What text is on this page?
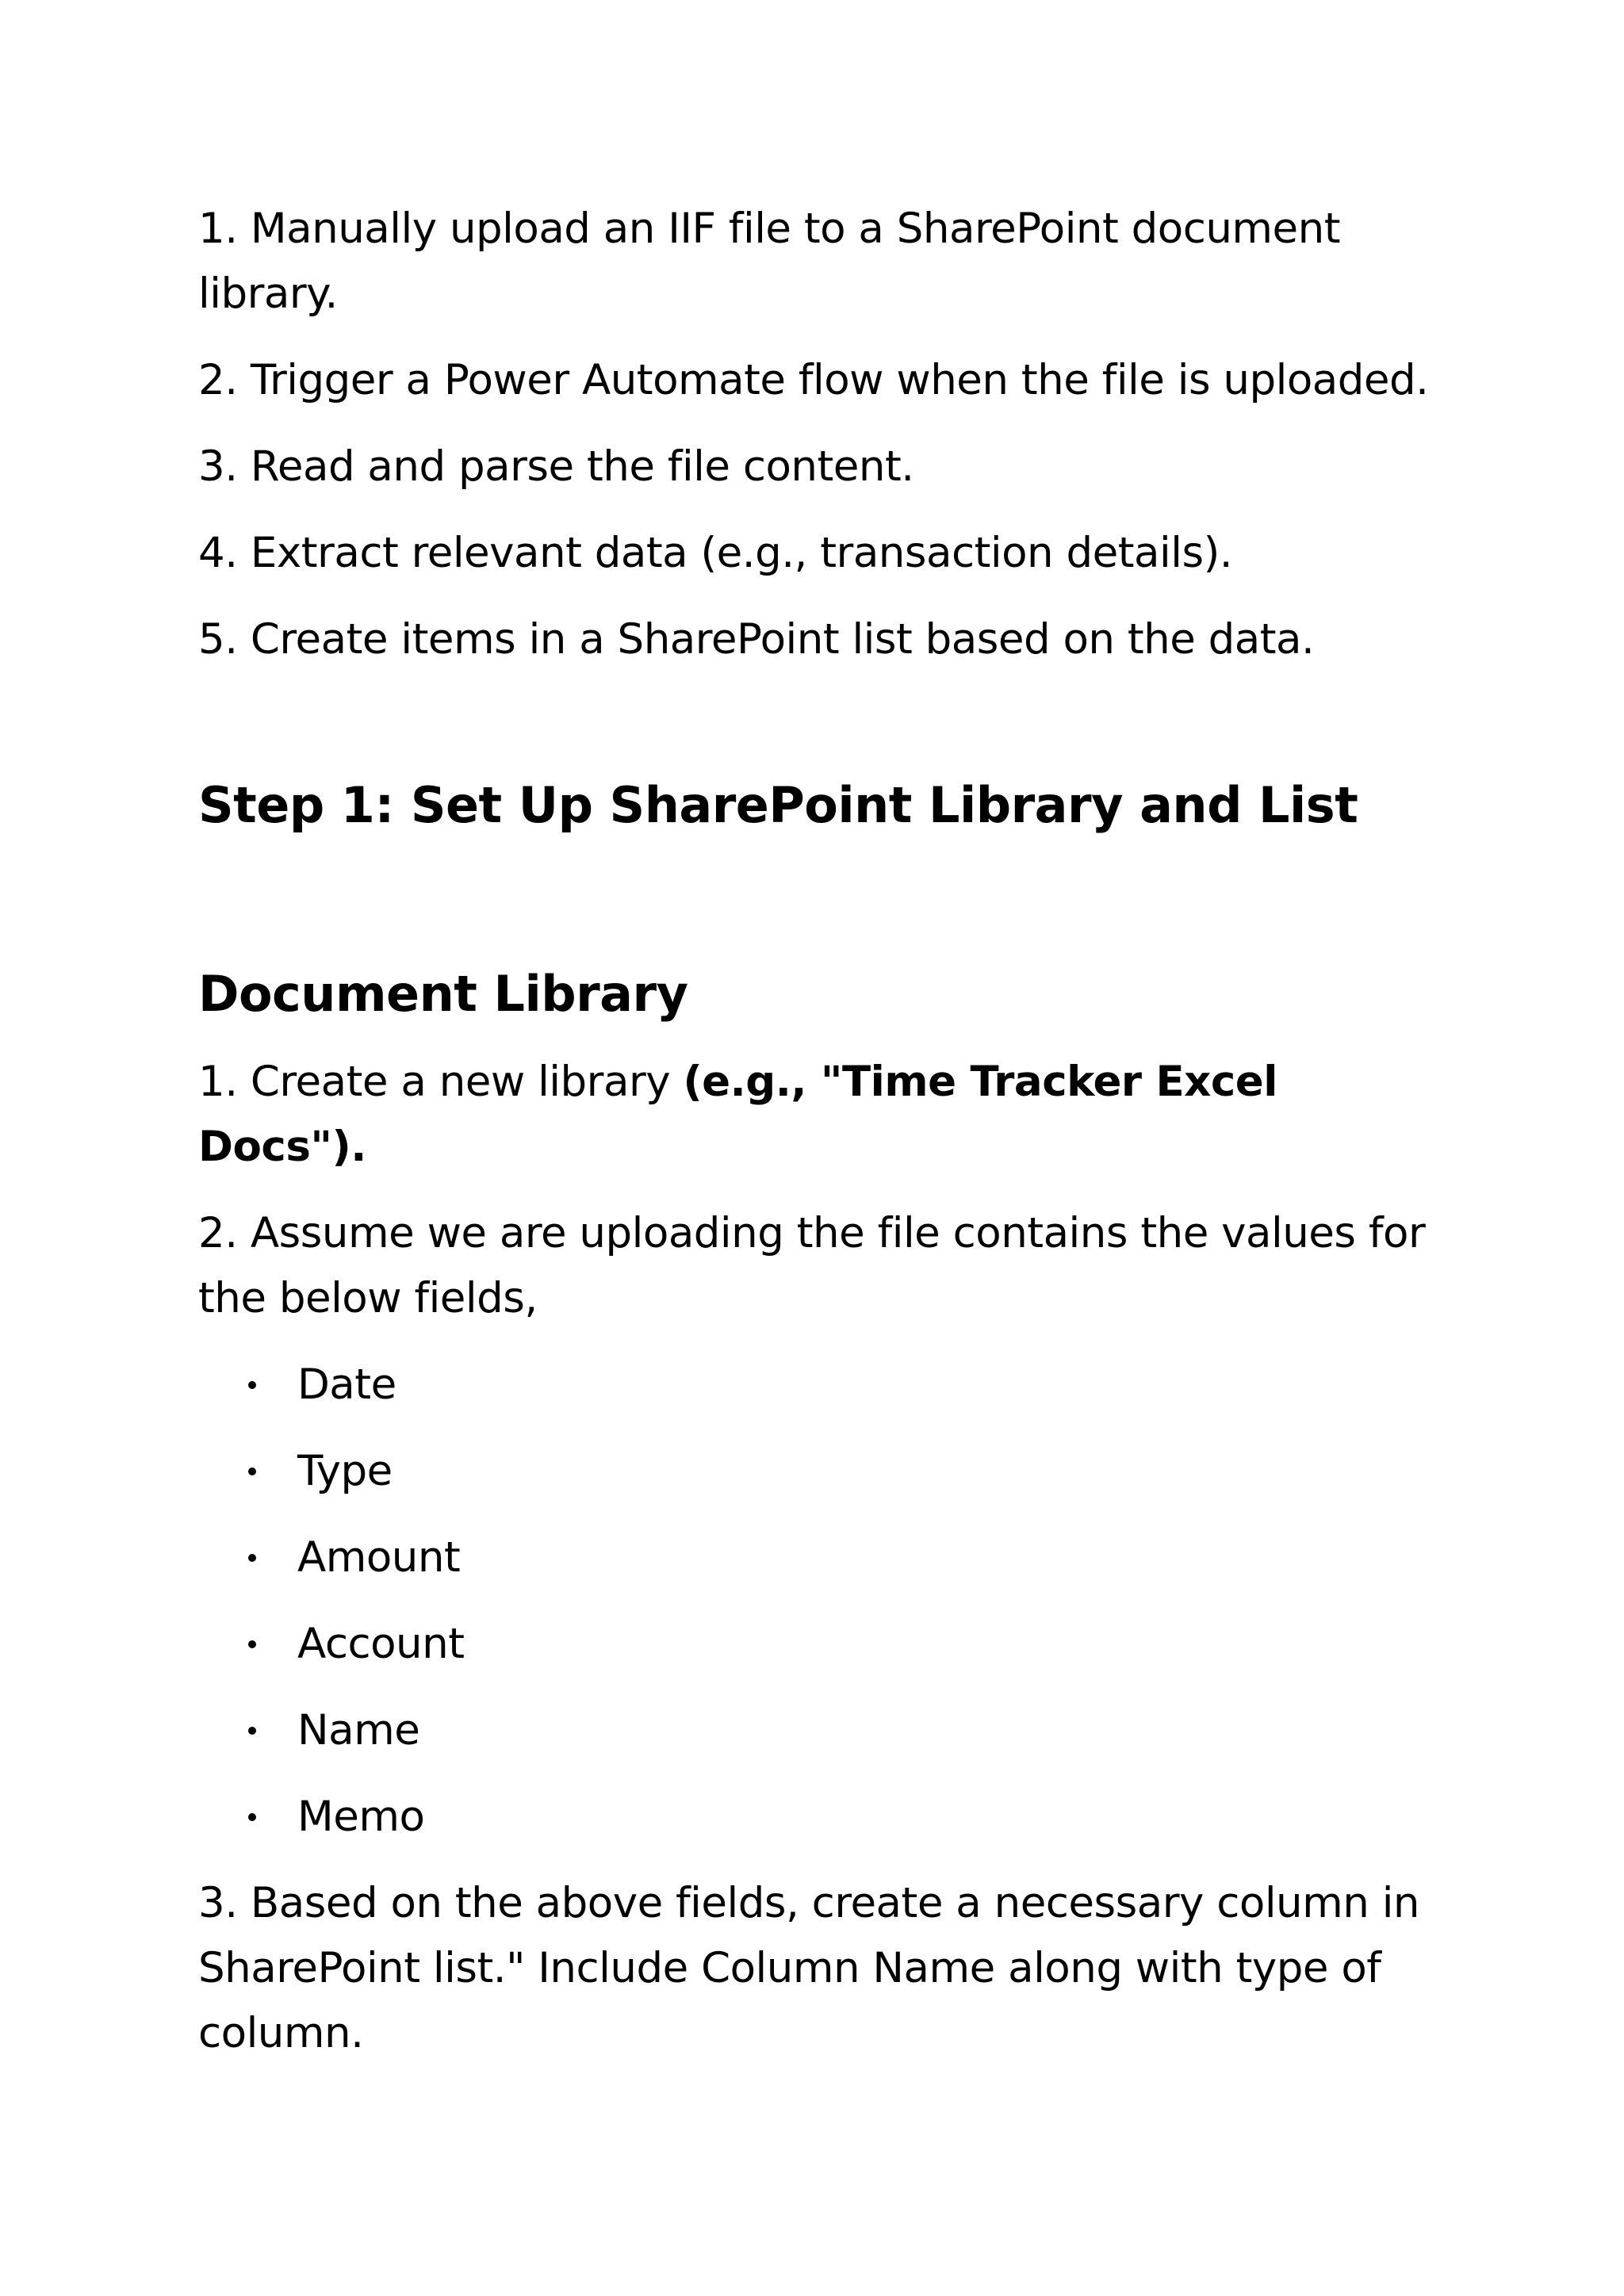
1. Manually upload an IIF file to a SharePoint document library.

2. Trigger a Power Automate flow when the file is uploaded.

3. Read and parse the file content.

4. Extract relevant data (e.g., transaction details).

5. Create items in a SharePoint list based on the data.

Step 1: Set Up SharePoint Library and List
Document Library

1. Create a new library (e.g., "Time Tracker Excel Docs").

2. Assume we are uploading the file contains the values for the below fields,

Date
Type
Amount
Account
Name
Memo

3. Based on the above fields, create a necessary column in SharePoint list." Include Column Name along with type of column.
